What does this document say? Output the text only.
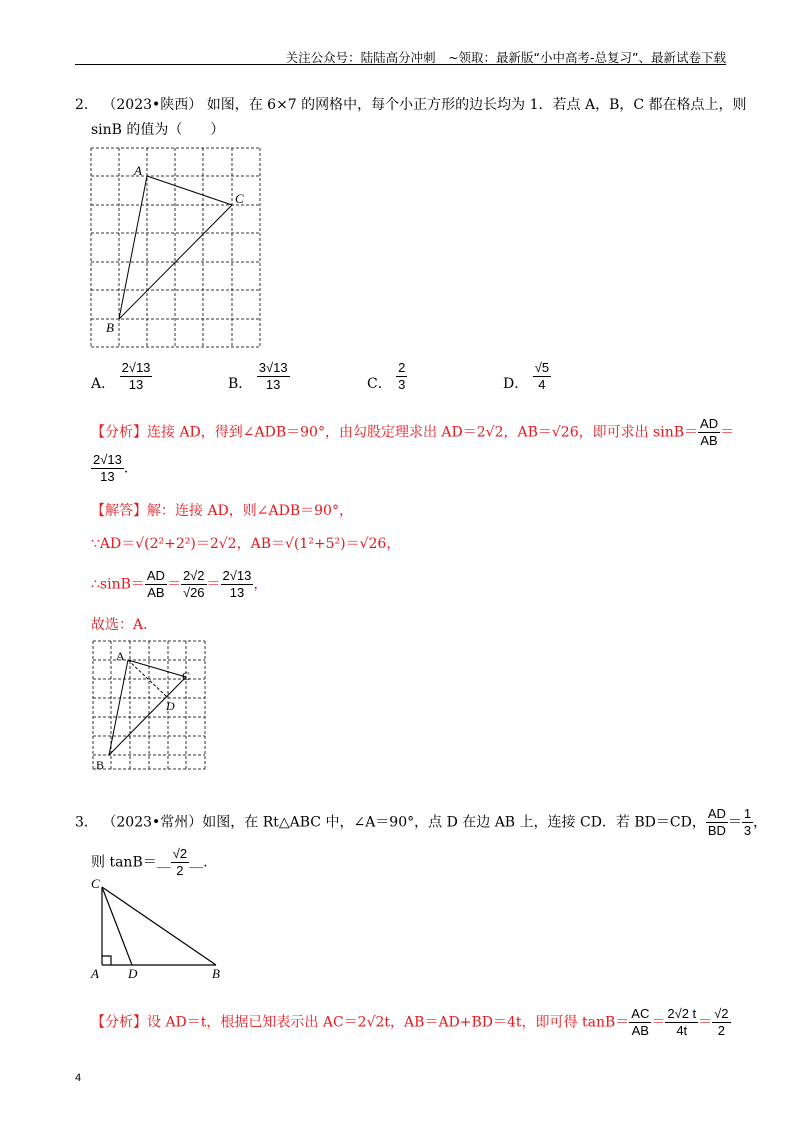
关注公众号：陆陆高分冲刺　~领取：最新版“小中高考-总复习”、最新试卷下载
2． （2023•陕西） 如图，在 6×7 的网格中，每个小正方形的边长均为 1．若点 A，B，C 都在格点上，则
sinB 的值为（　　）
A
C
B
A． $\frac{2√13}{13}$	B． $\frac{3√13}{13}$	C． $\frac{2}{3}$	D． $\frac{√5}{4}$
【分析】连接 AD，得到∠ADB＝90°，由勾股定理求出 AD＝2√2，AB＝√26，即可求出 $\sin B= \frac{AD}{AB}$ ＝
$\frac{2√13}{13}$ .
【解答】解：连接 AD，则∠ADB＝90°，
∵AD＝√(2²+2²)＝2√2，AB＝√(1²+5²)＝√26，
∴sinB＝ $\frac{AD}{AB} = \frac{2√2}{√26} = \frac{2√13}{13}$ ，
故选：A．
A
C
D
B
3． （2023•常州）如图，在 Rt△ABC 中，∠A＝90°，点 D 在边 AB 上，连接 CD．若 BD＝CD， $\frac{AD}{BD} = \frac{1}{3}$ ，
则 tanB＝＿ $\frac{√2}{2}$ ＿.
C
A D	B
【分析】设 AD＝t，根据已知表示出 AC＝2√2t，AB＝AD+BD＝4t，即可得 $\tan B= \frac{AC}{AB} = \frac{2√2 t}{4t} = \frac{√2}{2}$
4
